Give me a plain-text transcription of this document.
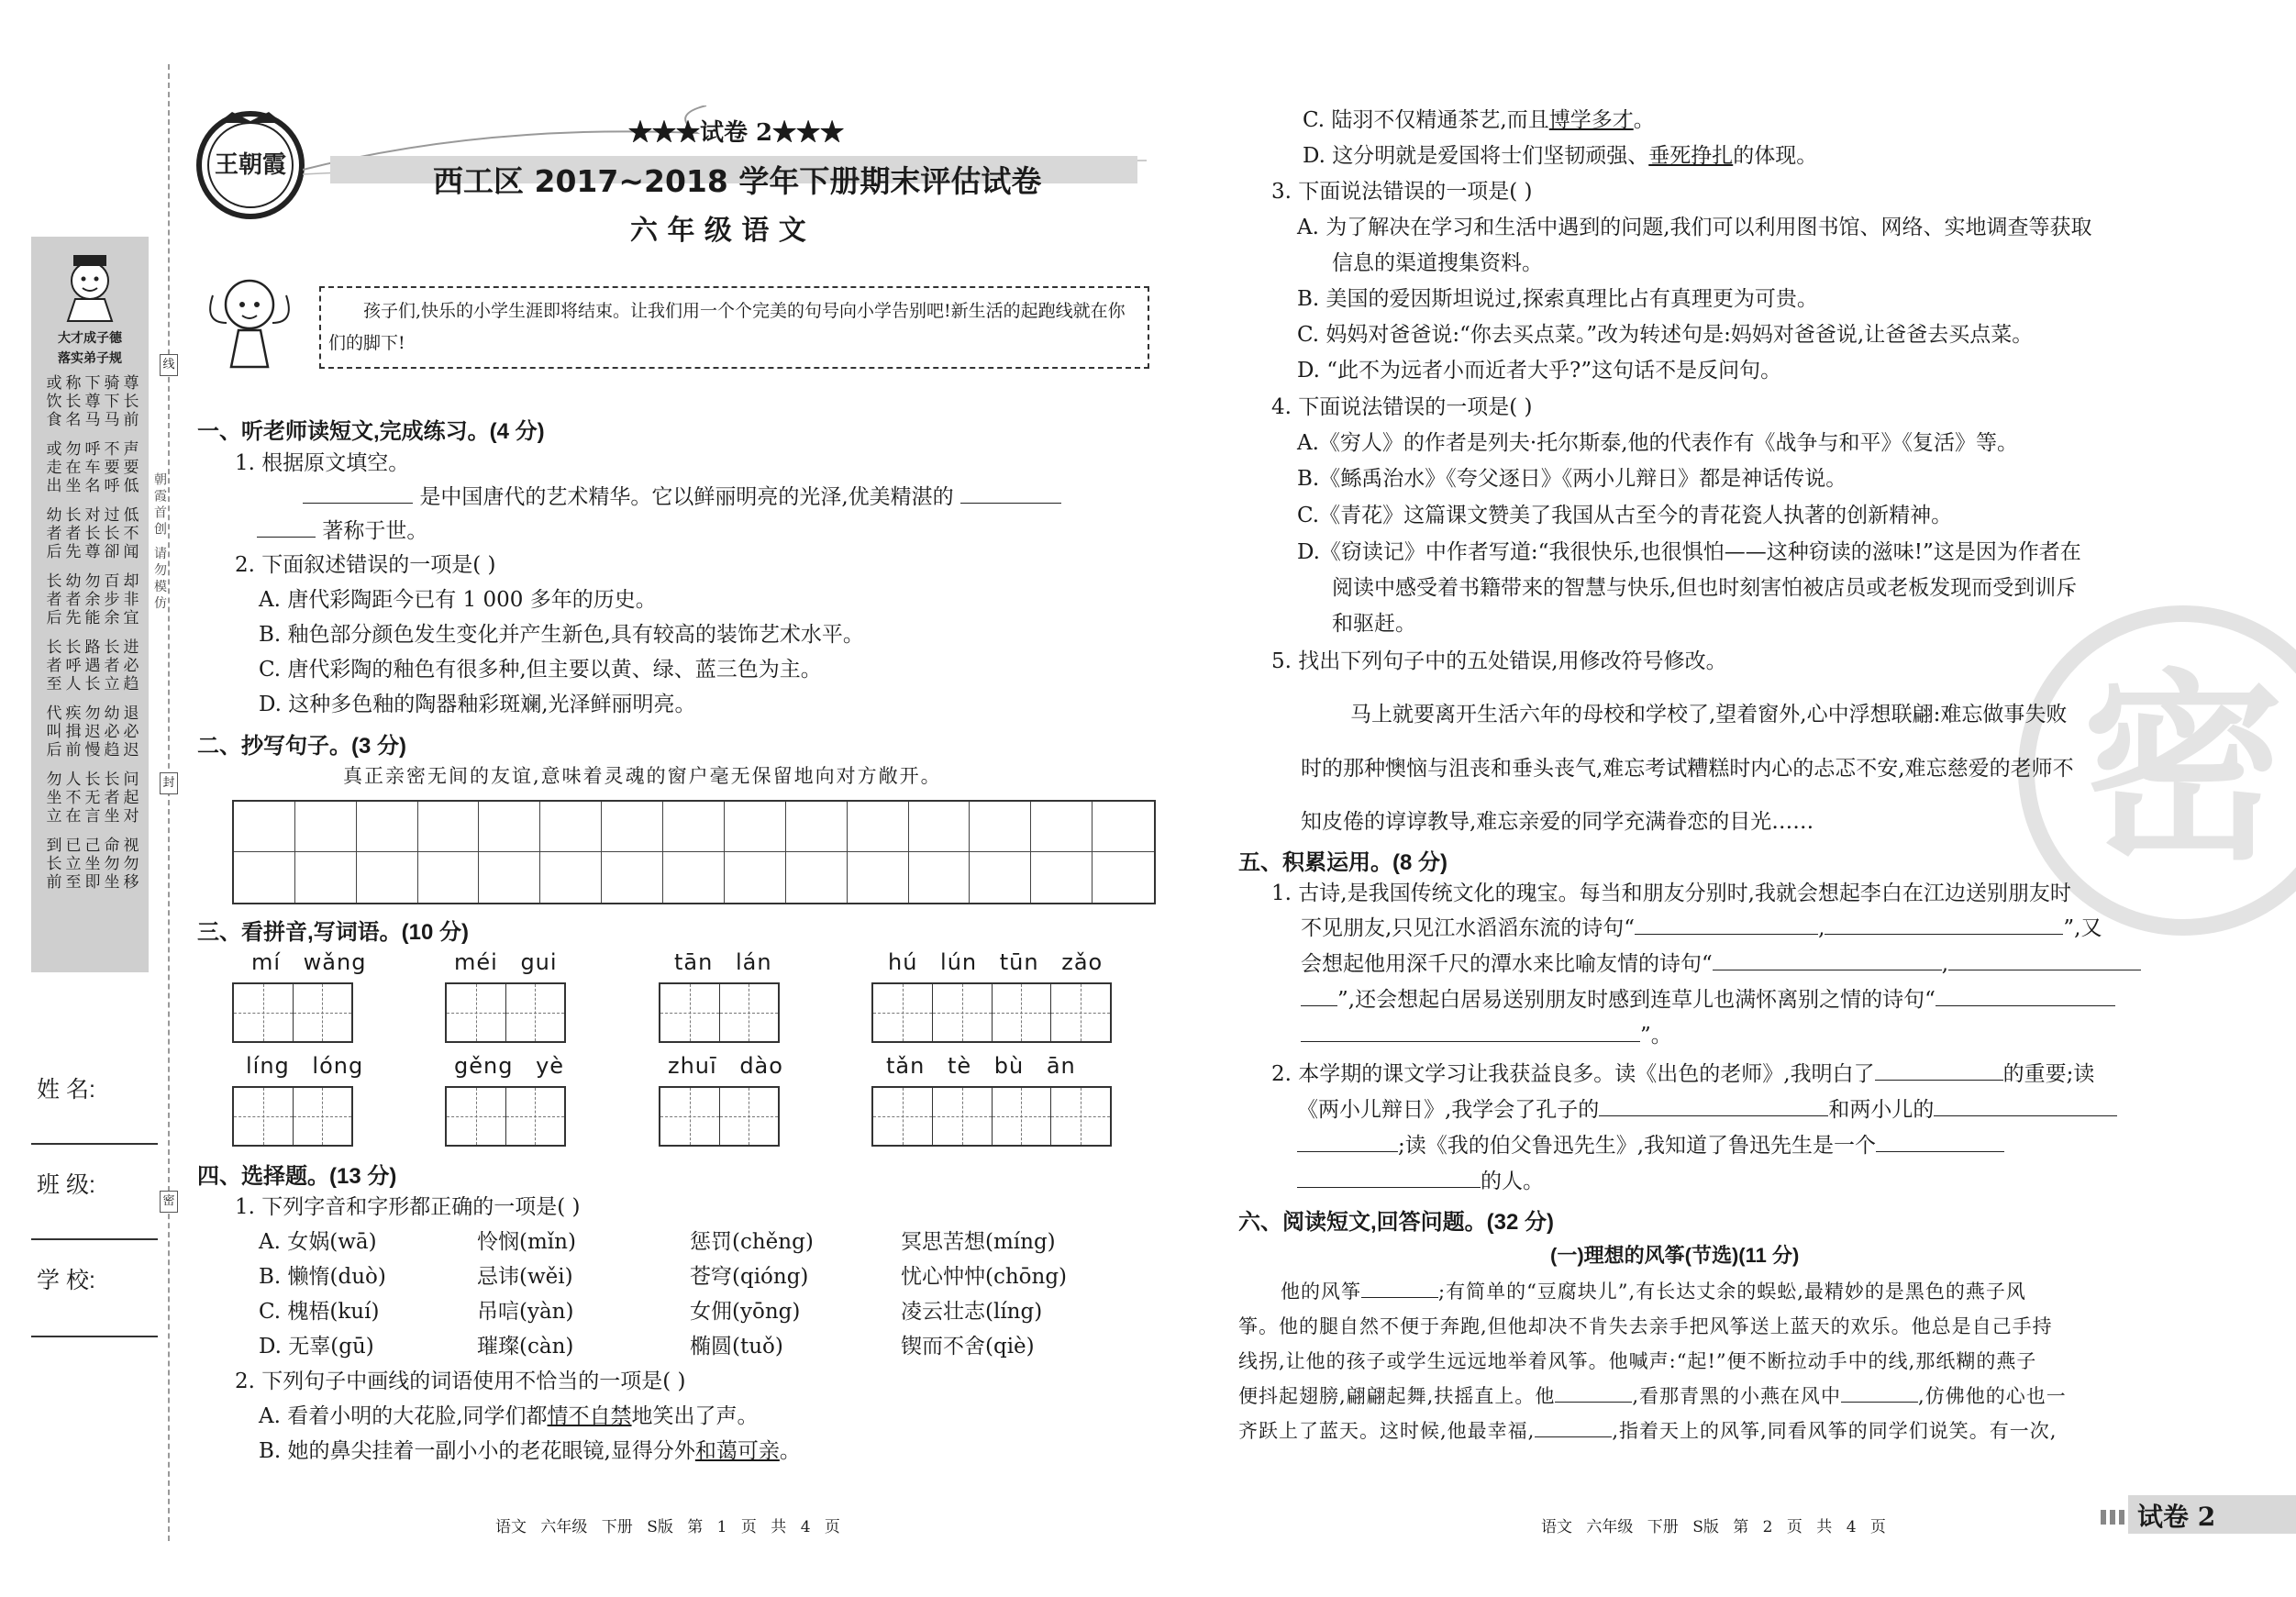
大才成子德
落实弟子规
或饮食 称长名 下尊马 骑下马 尊长前
或走出 勿在坐 呼车名 不要呼 声要低
幼者后 长者先 对长尊 过长卻 低不闻
长者后 幼者先 勿余能 百步余 却非宜
长者至 长呼人 路遇长 长者立 进必趋
代叫后 疾揖前 勿迟慢 幼必趋 退必迟
勿坐立 人不在 长无言 长者坐 问起对
到长前 已立至 己坐即 命勿坐 视勿移
朝霞首创 请勿模仿
线
封
密
姓 名:
班 级:
学 校:
王朝霞
★★★试卷 2★★★
西工区 2017~2018 学年下册期末评估试卷
六 年 级 语 文
孩子们,快乐的小学生涯即将结束。让我们用一个个完美的句号向小学告别吧!新生活的起跑线就在你们的脚下!
一、听老师读短文,完成练习。(4 分)
1. 根据原文填空。
是中国唐代的艺术精华。它以鲜丽明亮的光泽,优美精湛的
著称于世。
2. 下面叙述错误的一项是( )
A. 唐代彩陶距今已有 1 000 多年的历史。
B. 釉色部分颜色发生变化并产生新色,具有较高的装饰艺术水平。
C. 唐代彩陶的釉色有很多种,但主要以黄、绿、蓝三色为主。
D. 这种多色釉的陶器釉彩斑斓,光泽鲜丽明亮。
二、抄写句子。(3 分)
真正亲密无间的友谊,意味着灵魂的窗户毫无保留地向对方敞开。
三、看拼音,写词语。(10 分)
mí wǎng	méi gui	tān lán	hú lún tūn zǎo
líng lóng	gěng yè	zhuī dào	tǎn tè bù ān
四、选择题。(13 分)
1. 下列字音和字形都正确的一项是( )
A. 女娲(wā)	怜悯(mǐn)	惩罚(chěng)	冥思苦想(míng)
B. 懒惰(duò)	忌讳(wěi)	苍穹(qióng)	忧心忡忡(chōng)
C. 槐梧(kuí)	吊唁(yàn)	女佣(yōng)	凌云壮志(líng)
D. 无辜(gū)	璀璨(càn)	椭圆(tuǒ)	锲而不舍(qiè)
2. 下列句子中画线的词语使用不恰当的一项是( )
A. 看着小明的大花脸,同学们都情不自禁地笑出了声。
B. 她的鼻尖挂着一副小小的老花眼镜,显得分外和蔼可亲。
语文 六年级 下册 S版 第 1 页 共 4 页
密
C. 陆羽不仅精通茶艺,而且博学多才。
D. 这分明就是爱国将士们坚韧顽强、垂死挣扎的体现。
3. 下面说法错误的一项是( )
A. 为了解决在学习和生活中遇到的问题,我们可以利用图书馆、网络、实地调查等获取
信息的渠道搜集资料。
B. 美国的爱因斯坦说过,探索真理比占有真理更为可贵。
C. 妈妈对爸爸说:“你去买点菜。”改为转述句是:妈妈对爸爸说,让爸爸去买点菜。
D. “此不为远者小而近者大乎?”这句话不是反问句。
4. 下面说法错误的一项是( )
A.《穷人》的作者是列夫·托尔斯泰,他的代表作有《战争与和平》《复活》等。
B.《鲧禹治水》《夸父逐日》《两小儿辩日》都是神话传说。
C.《青花》这篇课文赞美了我国从古至今的青花瓷人执著的创新精神。
D.《窃读记》中作者写道:“我很快乐,也很惧怕——这种窃读的滋味!”这是因为作者在
阅读中感受着书籍带来的智慧与快乐,但也时刻害怕被店员或老板发现而受到训斥
和驱赶。
5. 找出下列句子中的五处错误,用修改符号修改。
马上就要离开生活六年的母校和学校了,望着窗外,心中浮想联翩:难忘做事失败
时的那种懊恼与沮丧和垂头丧气,难忘考试糟糕时内心的忐忑不安,难忘慈爱的老师不
知皮倦的谆谆教导,难忘亲爱的同学充满眷恋的目光……
五、积累运用。(8 分)
1. 古诗,是我国传统文化的瑰宝。每当和朋友分别时,我就会想起李白在江边送别朋友时
不见朋友,只见江水滔滔东流的诗句“	,	”,又
会想起他用深千尺的潭水来比喻友情的诗句“	,
”,还会想起白居易送别朋友时感到连草儿也满怀离别之情的诗句“
”。
2. 本学期的课文学习让我获益良多。读《出色的老师》,我明白了	的重要;读
《两小儿辩日》,我学会了孔子的	和两小儿的
;读《我的伯父鲁迅先生》,我知道了鲁迅先生是一个
的人。
六、阅读短文,回答问题。(32 分)
(一)理想的风筝(节选)(11 分)
他的风筝	;有简单的“豆腐块儿”,有长达丈余的蜈蚣,最精妙的是黑色的燕子风
筝。他的腿自然不便于奔跑,但他却决不肯失去亲手把风筝送上蓝天的欢乐。他总是自己手持
线拐,让他的孩子或学生远远地举着风筝。他喊声:“起!”便不断拉动手中的线,那纸糊的燕子
便抖起翅膀,翩翩起舞,扶摇直上。他	,看那青黑的小燕在风中	,仿佛他的心也一
齐跃上了蓝天。这时候,他最幸福,	,指着天上的风筝,同看风筝的同学们说笑。有一次,
语文 六年级 下册 S版 第 2 页 共 4 页	试卷 2
